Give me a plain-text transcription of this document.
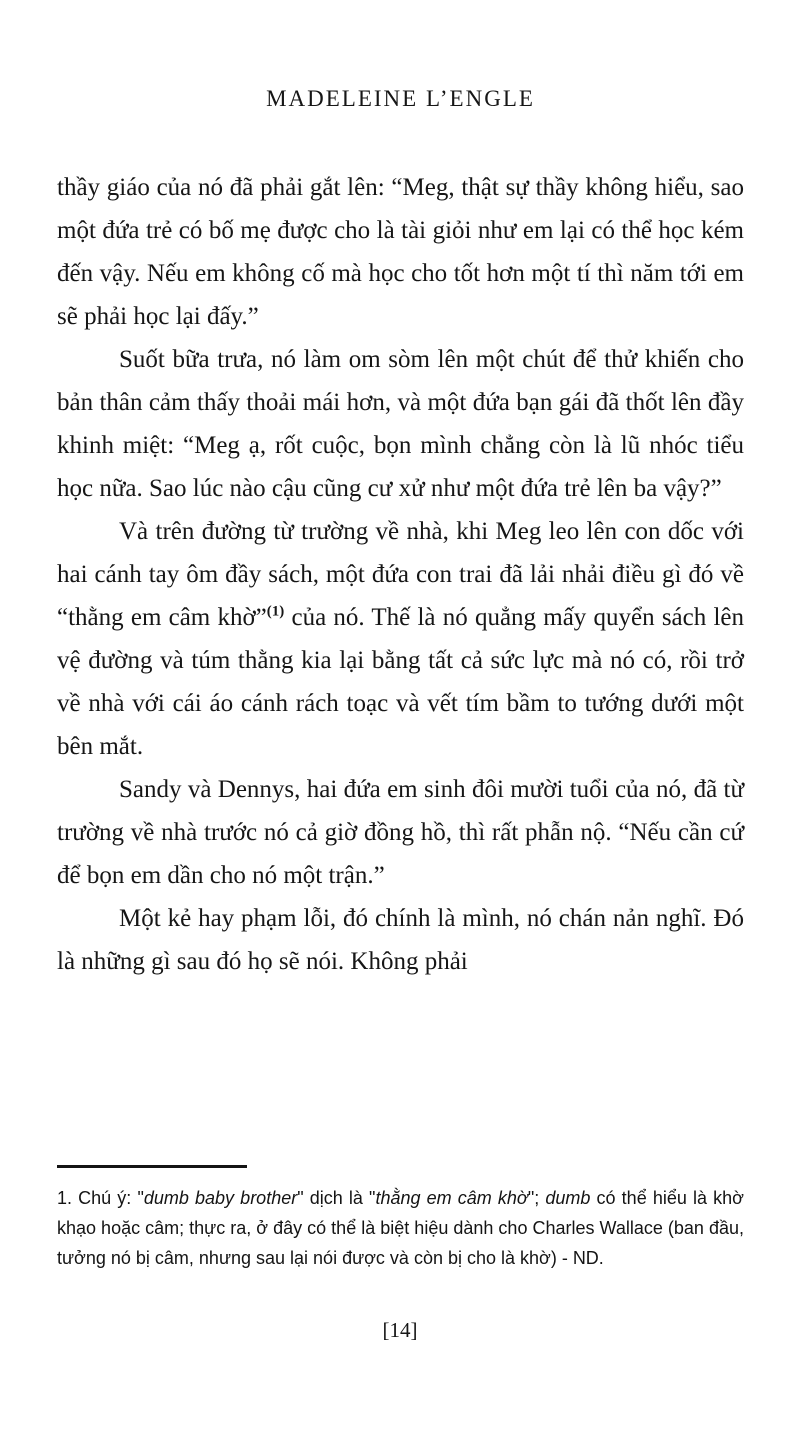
MADELEINE L’ENGLE

thầy giáo của nó đã phải gắt lên: “Meg, thật sự thầy không hiểu, sao một đứa trẻ có bố mẹ được cho là tài giỏi như em lại có thể học kém đến vậy. Nếu em không cố mà học cho tốt hơn một tí thì năm tới em sẽ phải học lại đấy.”

Suốt bữa trưa, nó làm om sòm lên một chút để thử khiến cho bản thân cảm thấy thoải mái hơn, và một đứa bạn gái đã thốt lên đầy khinh miệt: “Meg ạ, rốt cuộc, bọn mình chẳng còn là lũ nhóc tiểu học nữa. Sao lúc nào cậu cũng cư xử như một đứa trẻ lên ba vậy?”

Và trên đường từ trường về nhà, khi Meg leo lên con dốc với hai cánh tay ôm đầy sách, một đứa con trai đã lải nhải điều gì đó về “thằng em câm khờ”$^{(1)}$ của nó. Thế là nó quẳng mấy quyển sách lên vệ đường và túm thằng kia lại bằng tất cả sức lực mà nó có, rồi trở về nhà với cái áo cánh rách toạc và vết tím bầm to tướng dưới một bên mắt.

Sandy và Dennys, hai đứa em sinh đôi mười tuổi của nó, đã từ trường về nhà trước nó cả giờ đồng hồ, thì rất phẫn nộ. “Nếu cần cứ để bọn em dần cho nó một trận.”

Một kẻ hay phạm lỗi, đó chính là mình, nó chán nản nghĩ. Đó là những gì sau đó họ sẽ nói. Không phải

1. Chú ý: "dumb baby brother" dịch là "thằng em câm khờ"; dumb có thể hiểu là khờ khạo hoặc câm; thực ra, ở đây có thể là biệt hiệu dành cho Charles Wallace (ban đầu, tưởng nó bị câm, nhưng sau lại nói được và còn bị cho là khờ) - ND.

[14]
